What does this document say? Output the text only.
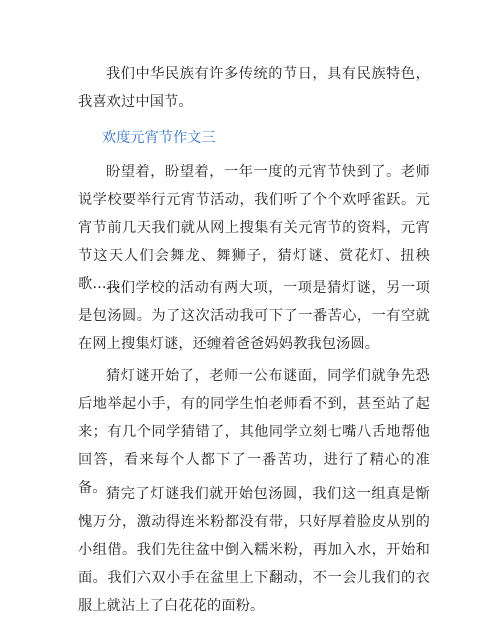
我们中华民族有许多传统的节日，具有民族特色，我喜欢过中国节。

欢度元宵节作文三

盼望着，盼望着，一年一度的元宵节快到了。老师说学校要举行元宵节活动，我们听了个个欢呼雀跃。元宵节前几天我们就从网上搜集有关元宵节的资料，元宵节这天人们会舞龙、舞狮子，猜灯谜、赏花灯、扭秧歌……

我们学校的活动有两大项，一项是猜灯谜，另一项是包汤圆。为了这次活动我可下了一番苦心，一有空就在网上搜集灯谜，还缠着爸爸妈妈教我包汤圆。

猜灯谜开始了，老师一公布谜面，同学们就争先恐后地举起小手，有的同学生怕老师看不到，甚至站了起来；有几个同学猜错了，其他同学立刻七嘴八舌地帮他回答，看来每个人都下了一番苦功，进行了精心的准备。 猜完了灯谜我们就开始包汤圆，我们这一组真是惭愧万分，激动得连米粉都没有带，只好厚着脸皮从别的小组借。我们先往盆中倒入糯米粉，再加入水，开始和面。我们六双小手在盆里上下翻动，不一会儿我们的衣服上就沾上了白花花的面粉。
